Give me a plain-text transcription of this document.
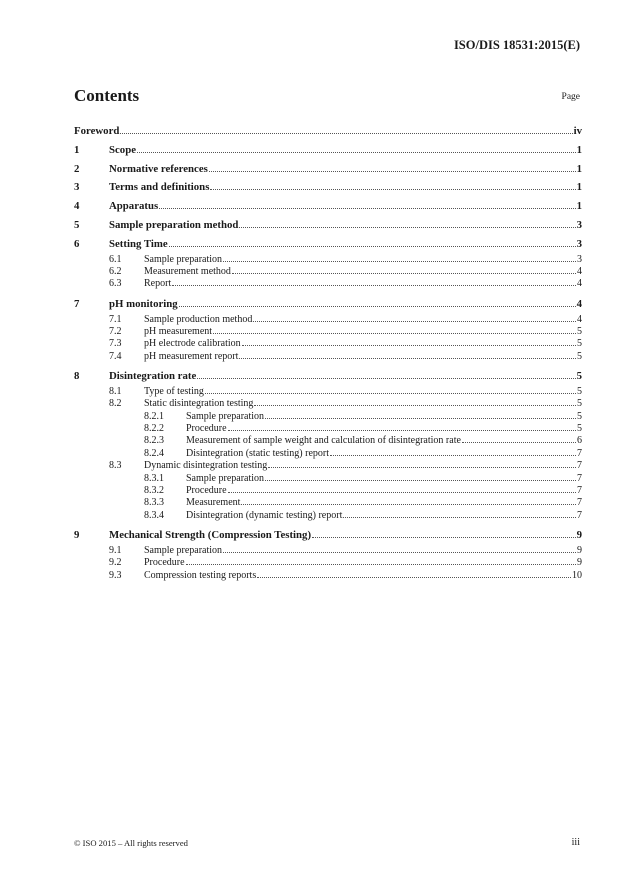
ISO/DIS 18531:2015(E)
Contents	Page
Foreword	iv
1	Scope	1
2	Normative references	1
3	Terms and definitions	1
4	Apparatus	1
5	Sample preparation method	3
6	Setting Time	3
6.1	Sample preparation	3
6.2	Measurement method	4
6.3	Report	4
7	pH monitoring	4
7.1	Sample production method	4
7.2	pH measurement	5
7.3	pH electrode calibration	5
7.4	pH measurement report	5
8	Disintegration rate	5
8.1	Type of testing	5
8.2	Static disintegration testing	5
8.2.1	Sample preparation	5
8.2.2	Procedure	5
8.2.3	Measurement of sample weight and calculation of disintegration rate	6
8.2.4	Disintegration (static testing) report	7
8.3	Dynamic disintegration testing	7
8.3.1	Sample preparation	7
8.3.2	Procedure	7
8.3.3	Measurement	7
8.3.4	Disintegration (dynamic testing) report	7
9	Mechanical Strength (Compression Testing)	9
9.1	Sample preparation	9
9.2	Procedure	9
9.3	Compression testing reports	10
© ISO 2015 – All rights reserved	iii
